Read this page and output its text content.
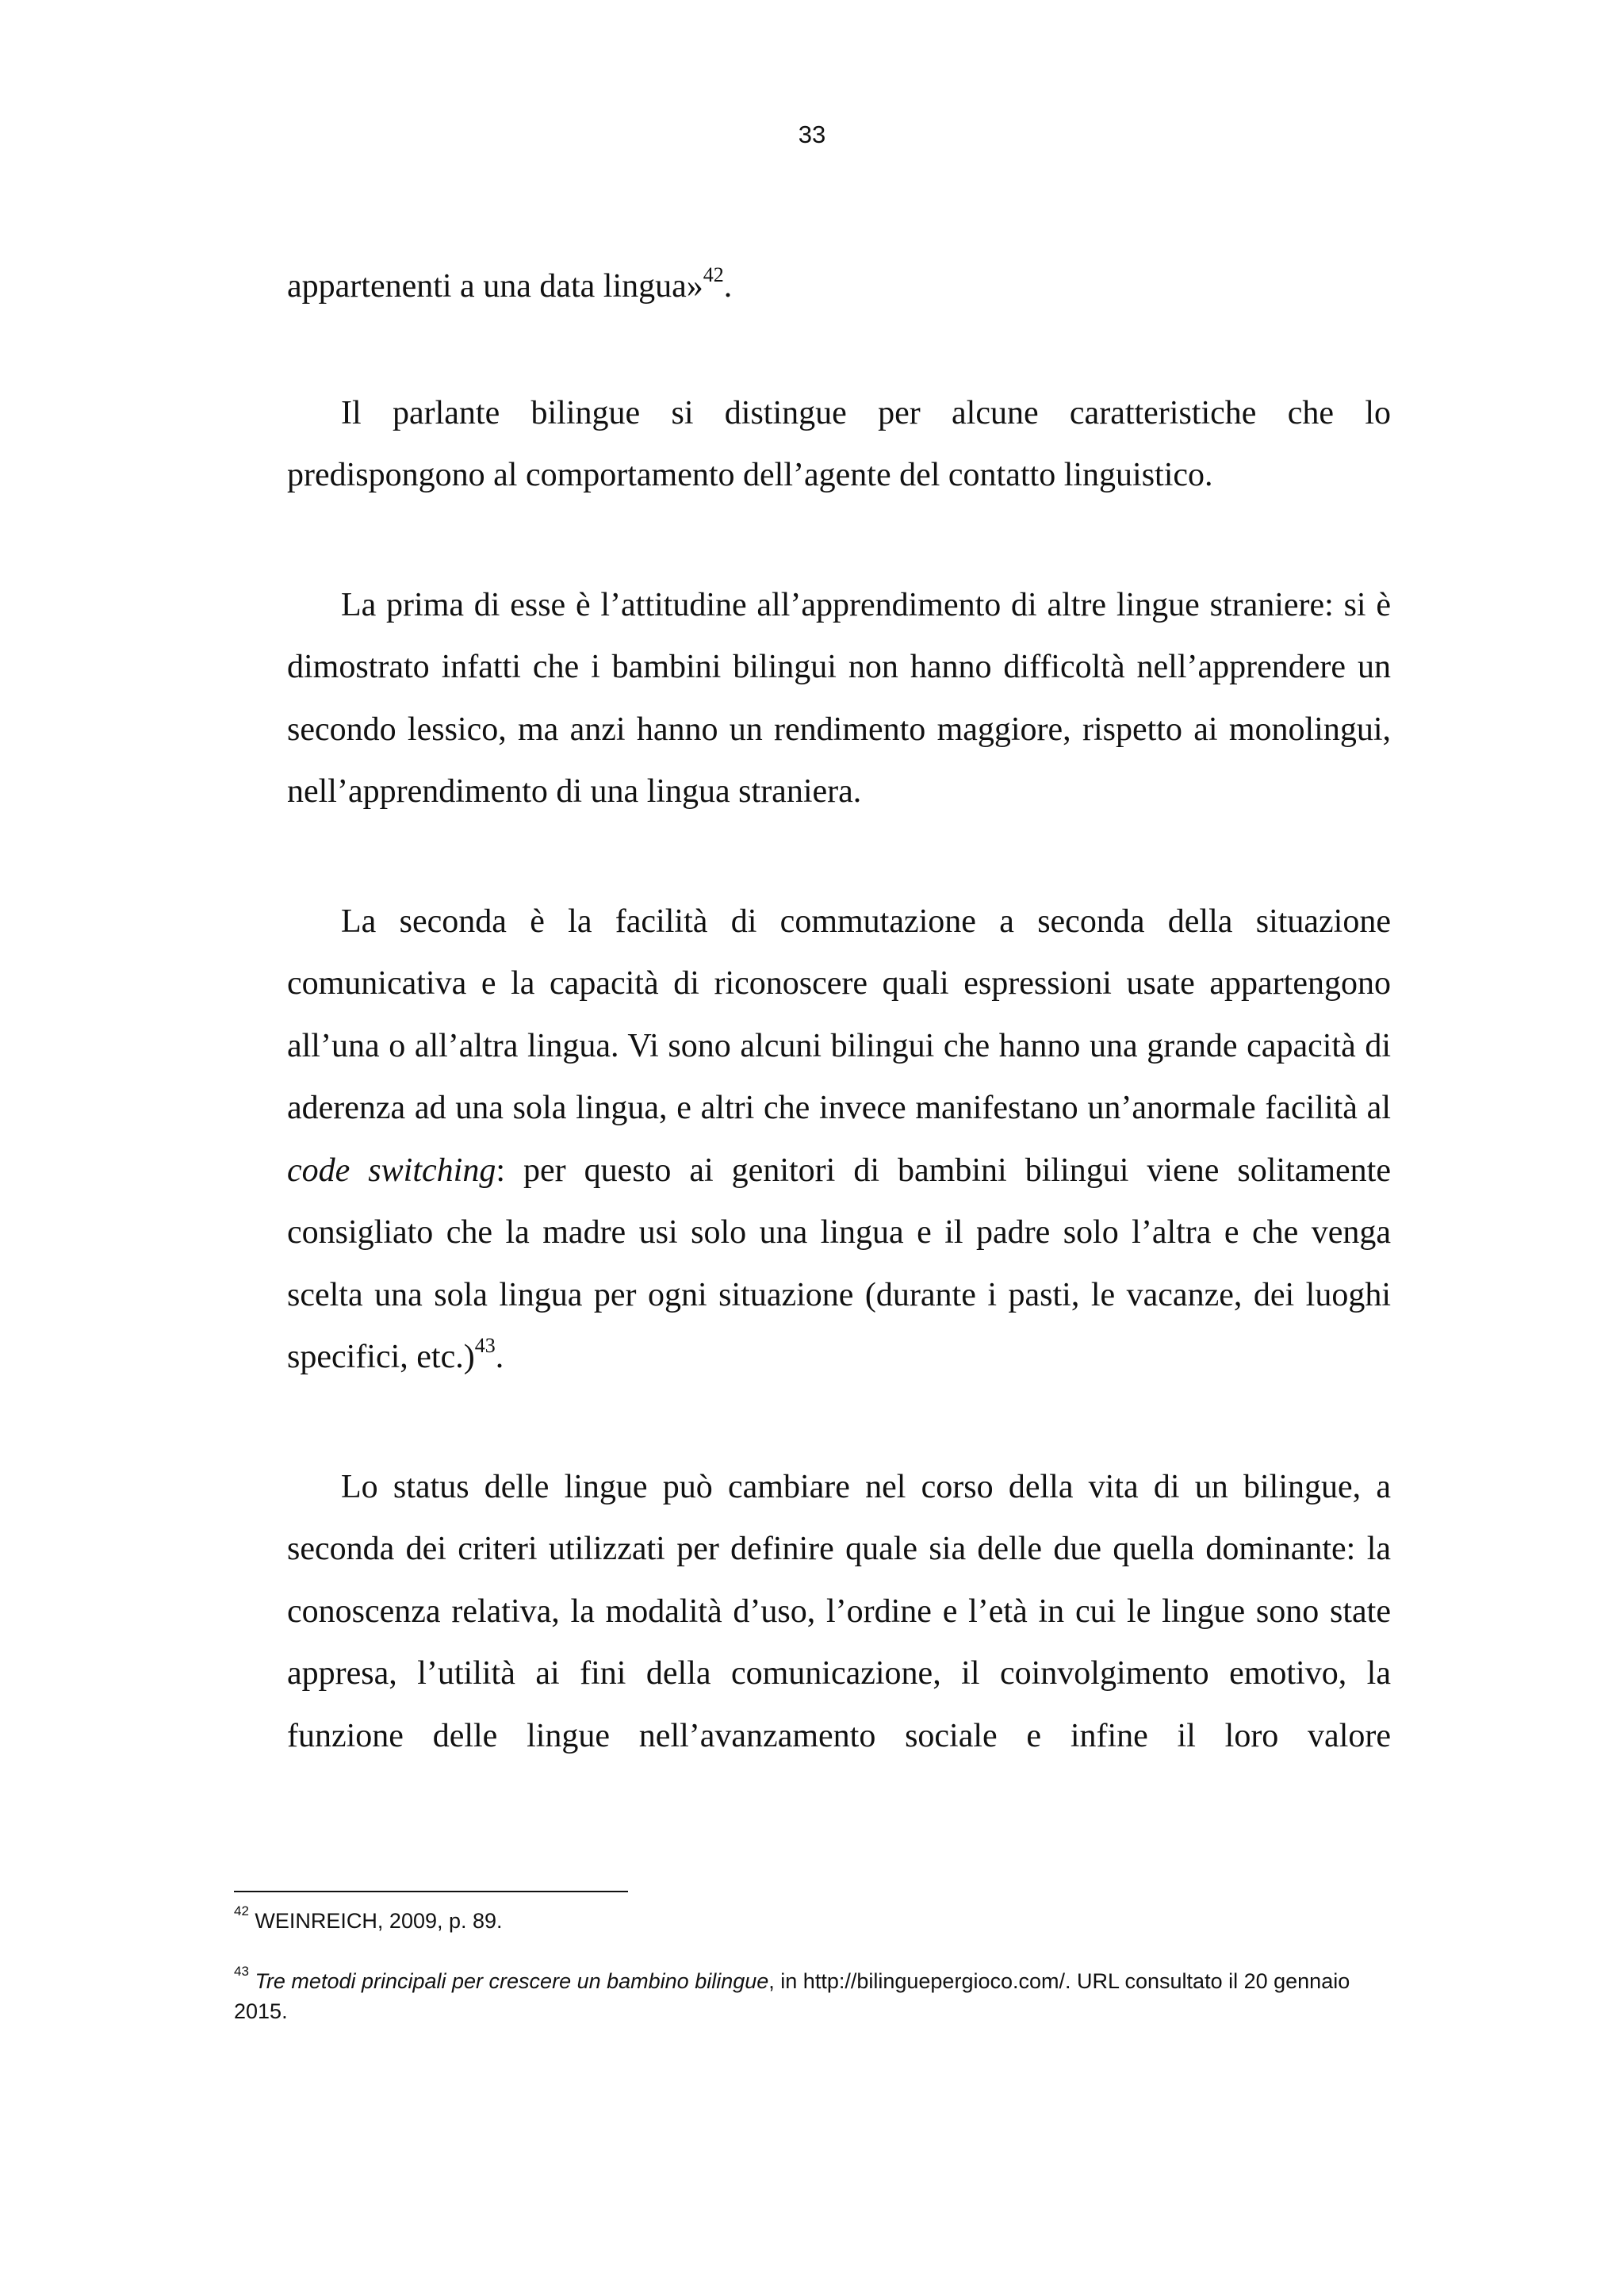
33

appartenenti a una data lingua»$^{42}$.

Il parlante bilingue si distingue per alcune caratteristiche che lo predispongono al comportamento dell’agente del contatto linguistico.

La prima di esse è l’attitudine all’apprendimento di altre lingue straniere: si è dimostrato infatti che i bambini bilingui non hanno difficoltà nell’apprendere un secondo lessico, ma anzi hanno un rendimento maggiore, rispetto ai monolingui, nell’apprendimento di una lingua straniera.

La seconda è la facilità di commutazione a seconda della situazione comunicativa e la capacità di riconoscere quali espressioni usate appartengono all’una o all’altra lingua. Vi sono alcuni bilingui che hanno una grande capacità di aderenza ad una sola lingua, e altri che invece manifestano un’anormale facilità al code switching: per questo ai genitori di bambini bilingui viene solitamente consigliato che la madre usi solo una lingua e il padre solo l’altra e che venga scelta una sola lingua per ogni situazione (durante i pasti, le vacanze, dei luoghi specifici, etc.)$^{43}$.

Lo status delle lingue può cambiare nel corso della vita di un bilingue, a seconda dei criteri utilizzati per definire quale sia delle due quella dominante: la conoscenza relativa, la modalità d’uso, l’ordine e l’età in cui le lingue sono state appresa, l’utilità ai fini della comunicazione, il coinvolgimento emotivo, la funzione delle lingue nell’avanzamento sociale e infine il loro valore

$^{42}$ WEINREICH, 2009, p. 89.

$^{43}$ Tre metodi principali per crescere un bambino bilingue, in http://bilinguepergioco.com/. URL consultato il 20 gennaio 2015.
